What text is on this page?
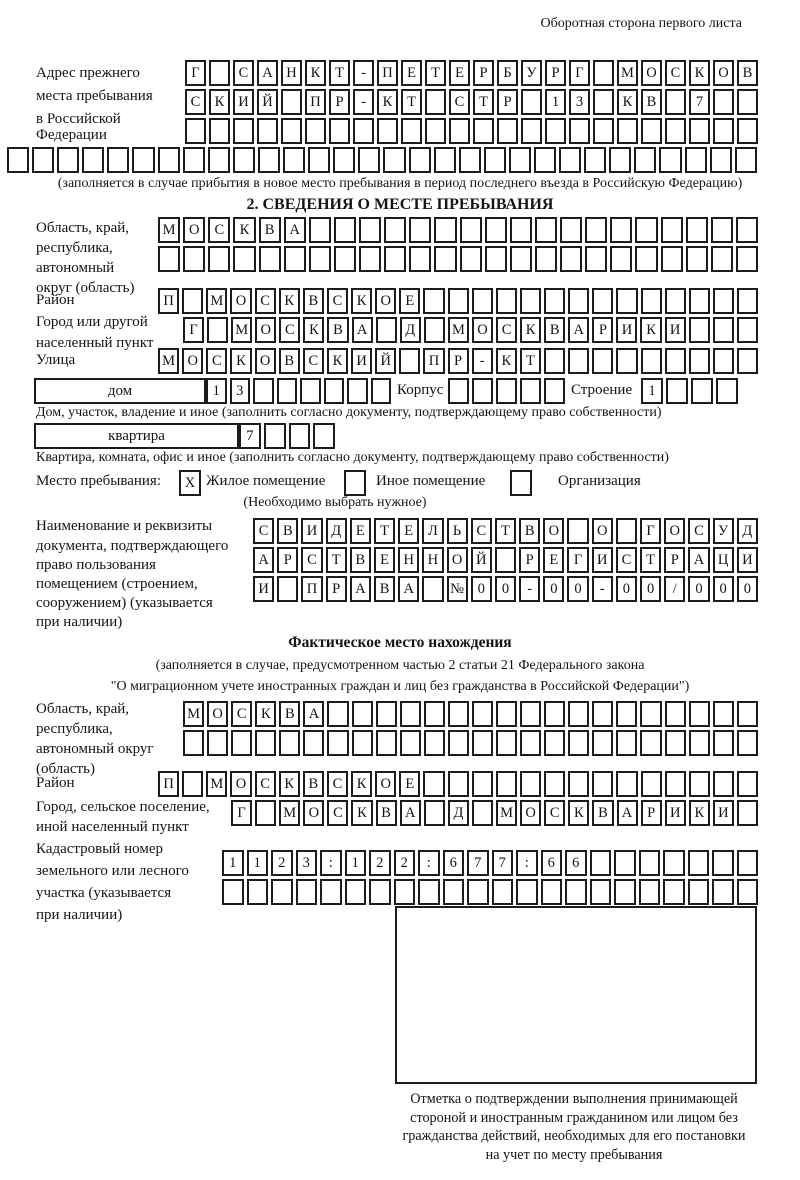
Оборотная сторона первого листа
Адрес прежнего
места пребывания
в Российской
Федерации
Г	С А Н К	Т	-	П Е	Т	Е	Р	Б	У	Р	Г	М О С К О В
С К И Й	П	Р	-	К	Т	С	Т	Р	1	3	К В	7
(заполняется в случае прибытия в новое место пребывания в период последнего въезда в Российскую Федерацию)
2. СВЕДЕНИЯ О МЕСТЕ ПРЕБЫВАНИЯ
Область, край,
республика,
автономный
округ (область)
М О	С	К	В	А
Район	П	М О С К В С К О Е
Город или другой
населенный пункт
Г	М О С К В А	Д	М О С К В А	Р	И К И
Улица	М О С К О В С К И Й	П	Р	-	К	Т
дом	1	3	Корпус	Строение	1
Дом, участок, владение и иное (заполнить согласно документу, подтверждающему право собственности)
квартира	7
Квартира, комната, офис и иное (заполнить согласно документу, подтверждающему право собственности)
Место пребывания:	X Жилое помещение	Иное помещение	Организация
(Необходимо выбрать нужное)
Наименование и реквизиты
документа, подтверждающего
право пользования
помещением (строением,
сооружением) (указывается
при наличии)
С	В И Д	Е	Т	Е	Л	Ь	С	Т	В О	О	Г	О С У Д
А	Р	С	Т	В	Е	Н Н О Й	Р	Е	Г	И С	Т	Р	А Ц И
И	П	Р	А В А	№ 0	0	-	0	0	-	0	0	/	0	0	0
Фактическое место нахождения
(заполняется в случае, предусмотренном частью 2 статьи 21 Федерального закона
"О миграционном учете иностранных граждан и лиц без гражданства в Российской Федерации")
Область, край,
республика,
автономный округ
(область)
М О С К В А
Район	П	М О С К В С К О Е
Город, сельское поселение,
иной населенный пункт
Г	М О С К В А	Д	М О С К В А	Р	И К И
Кадастровый номер
земельного или лесного
участка (указывается
при наличии)
1	1	2	3	:	1	2	2	:	6	7	7	:	6	6
Отметка о подтверждении выполнения принимающей
стороной и иностранным гражданином или лицом без
гражданства действий, необходимых для его постановки
на учет по месту пребывания
